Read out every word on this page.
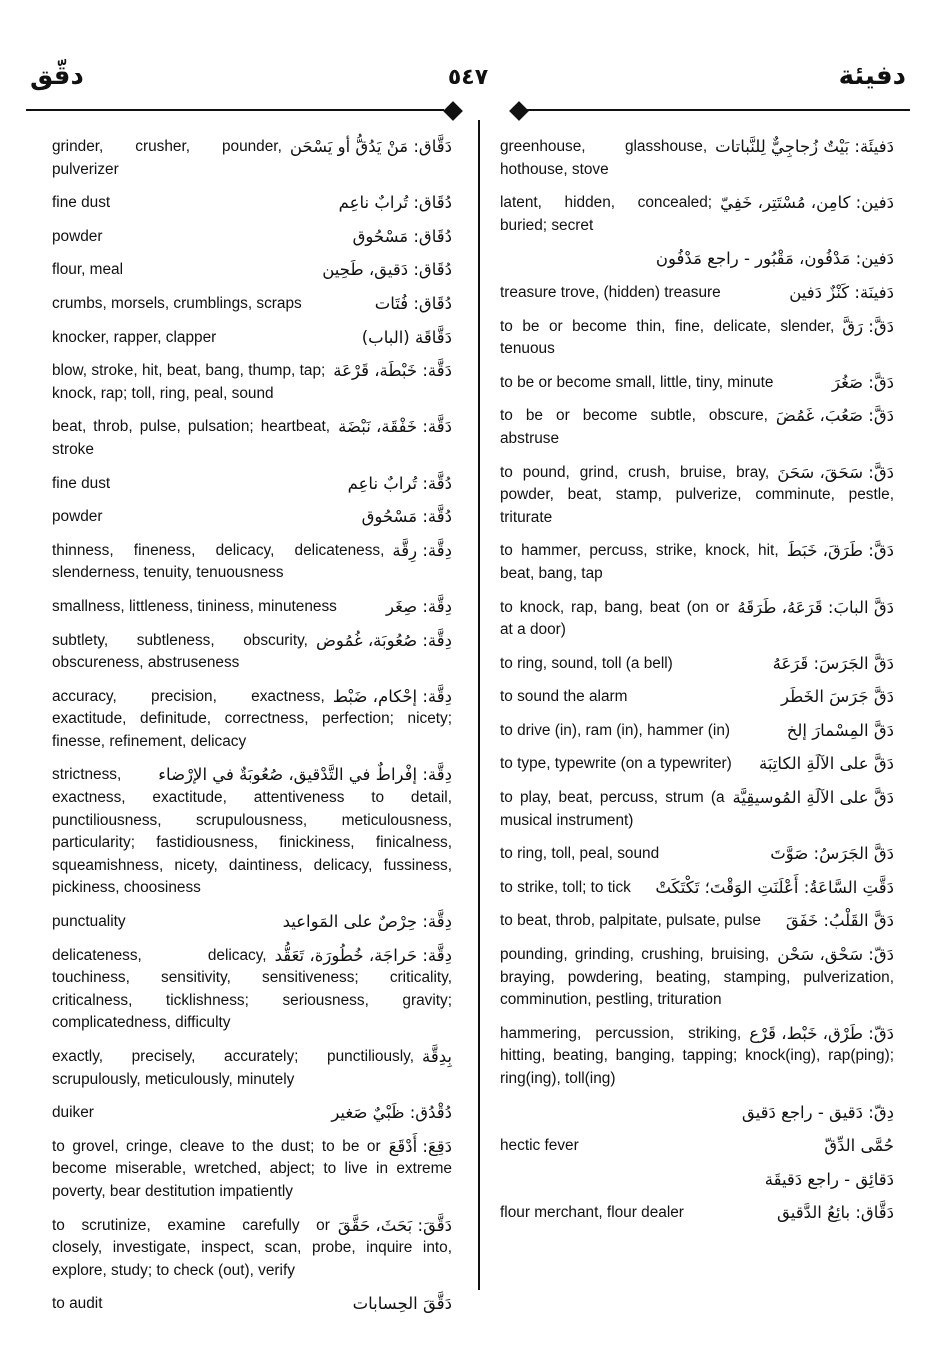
دقّق	٥٤٧	دفيئة
دَقَّاق: مَنْ يَدُقُّ أو يَسْحَن
grinder, crusher, pounder, pulverizer
دُقَاق: تُرابٌ ناعِم
fine dust
دُقَاق: مَسْحُوق
powder
دُقَاق: دَقيق، طَحِين
flour, meal
دُقَاق: فُتَات
crumbs, morsels, crumblings, scraps
دَقَّاقَة (الباب)
knocker, rapper, clapper
دَقَّة: خَبْطَة، قَرْعَة
blow, stroke, hit, beat, bang, thump, tap; knock, rap; toll, ring, peal, sound
دَقَّة: خَفْقَة، نَبْضَة
beat, throb, pulse, pulsation; heartbeat, stroke
دُقَّة: تُرابٌ ناعِم
fine dust
دُقَّة: مَسْحُوق
powder
دِقَّة: رِقَّة
thinness, fineness, delicacy, delicateness, slenderness, tenuity, tenuousness
دِقَّة: صِغَر
smallness, littleness, tininess, minuteness
دِقَّة: صُعُوبَة، غُمُوض
subtlety, subtleness, obscurity, obscureness, abstruseness
دِقَّة: إحْكام، ضَبْط
accuracy, precision, exactness, exactitude, definitude, correctness, perfection; nicety; finesse, refinement, delicacy
دِقَّة: إفْراطٌ في التَّدْقيق، صُعُوبَةٌ في الإرْضاء
strictness, exactness, exactitude, attentiveness to detail, punctiliousness, scrupulousness, meticulousness, particularity; fastidiousness, finickiness, finicalness, squeamishness, nicety, daintiness, delicacy, fussiness, pickiness, choosiness
دِقَّة: حِرْصٌ على المَواعيد
punctuality
دِقَّة: حَراجَة، خُطُورَة، تَعَقُّد
delicateness, delicacy, touchiness, sensitivity, sensitiveness; criticality, criticalness, ticklishness; seriousness, gravity; complicatedness, difficulty
بِدِقَّة
exactly, precisely, accurately; punctiliously, scrupulously, meticulously, minutely
دُقْدُق: ظَبْيٌ صَغير
duiker
دَقِعَ: أَدْقَعَ
to grovel, cringe, cleave to the dust; to be or become miserable, wretched, abject; to live in extreme poverty, bear destitution impatiently
دَقَّقَ: بَحَثَ، حَقَّقَ
to scrutinize, examine carefully or closely, investigate, inspect, scan, probe, inquire into, explore, study; to check (out), verify
دَقَّقَ الحِسابات
to audit
دَفيئَة: بَيْتٌ زُجاجِيٌّ لِلنَّباتات
greenhouse, glasshouse, hothouse, stove
دَفين: كامِن، مُسْتَتِر، خَفِيّ
latent, hidden, concealed; buried; secret
دَفين: مَدْفُون، مَقْبُور - راجع مَدْفُون
دَفينَة: كَنْزٌ دَفين
treasure trove, (hidden) treasure
دَقَّ: رَقَّ
to be or become thin, fine, delicate, slender, tenuous
دَقَّ: صَغُرَ
to be or become small, little, tiny, minute
دَقَّ: صَعُبَ، غَمُضَ
to be or become subtle, obscure, abstruse
دَقَّ: سَحَقَ، سَحَنَ
to pound, grind, crush, bruise, bray, powder, beat, stamp, pulverize, comminute, pestle, triturate
دَقَّ: طَرَقَ، خَبَطَ
to hammer, percuss, strike, knock, hit, beat, bang, tap
دَقَّ البابَ: قَرَعَهُ، طَرَقَهُ
to knock, rap, bang, beat (on or at a door)
دَقَّ الجَرَسَ: قَرَعَهُ
to ring, sound, toll (a bell)
دَقَّ جَرَسَ الخَطَر
to sound the alarm
دَقَّ المِسْمارَ إلخ
to drive (in), ram (in), hammer (in)
دَقَّ على الآلَةِ الكاتِبَة
to type, typewrite (on a typewriter)
دَقَّ على الآلَةِ المُوسيقِيَّة
to play, beat, percuss, strum (a musical instrument)
دَقَّ الجَرَسُ: صَوَّتَ
to ring, toll, peal, sound
دَقَّتِ السَّاعَةُ: أَعْلَنَتِ الوَقْتَ؛ تَكْتَكَتْ
to strike, toll; to tick
دَقَّ القَلْبُ: خَفَقَ
to beat, throb, palpitate, pulsate, pulse
دَقّ: سَحْق، سَحْن
pounding, grinding, crushing, bruising, braying, powdering, beating, stamping, pulverization, comminution, pestling, trituration
دَقّ: طَرْق، خَبْط، قَرْع
hammering, percussion, striking, hitting, beating, banging, tapping; knock(ing), rap(ping); ring(ing), toll(ing)
دِقّ: دَقيق - راجع دَقيق
حُمَّى الدِّقّ
hectic fever
دَقائِق - راجع دَقيقَة
دَقَّاق: بائِعُ الدَّقيق
flour merchant, flour dealer
